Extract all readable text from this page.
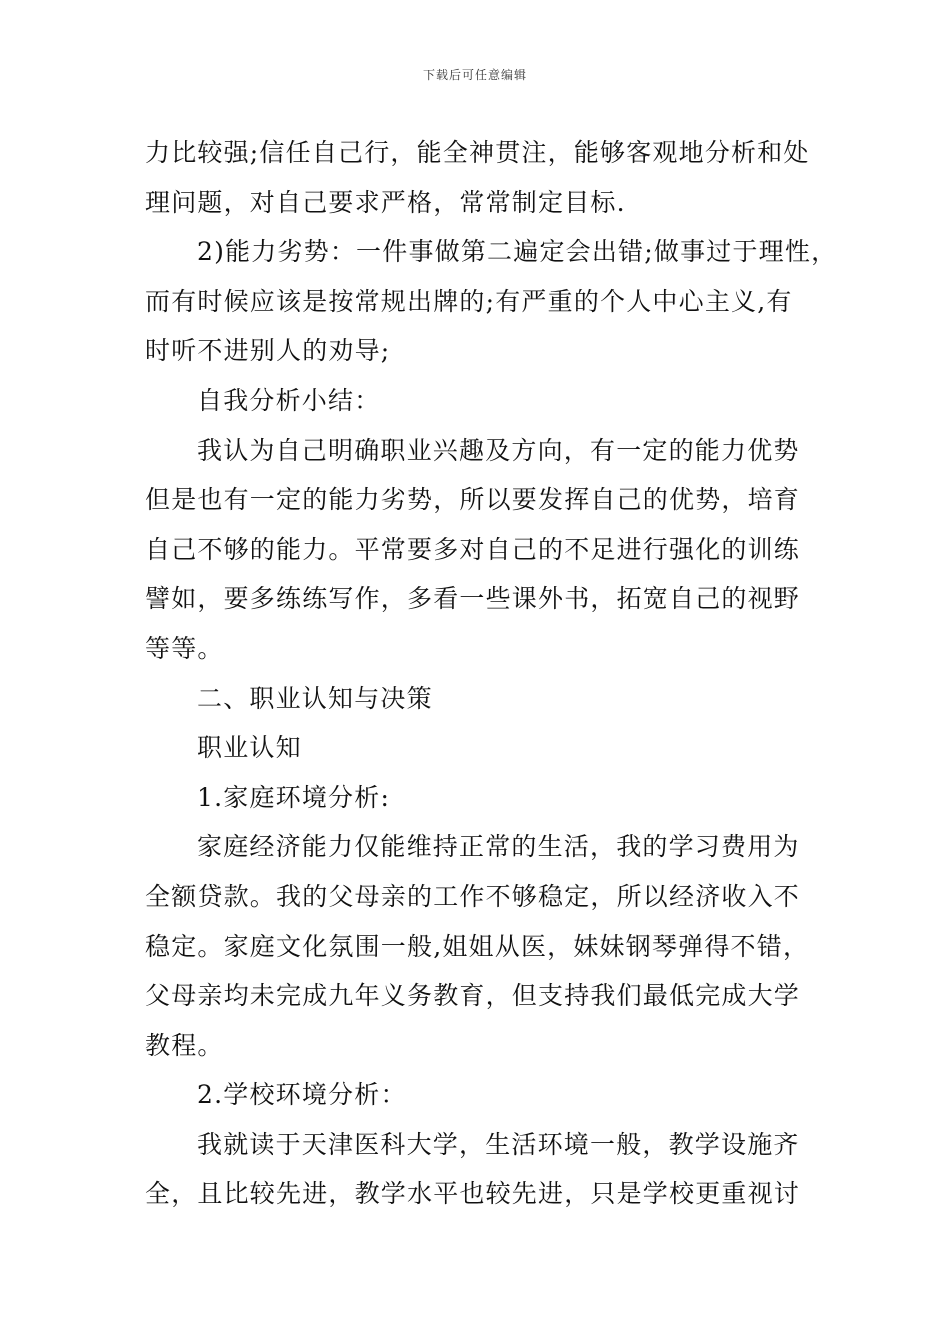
下载后可任意编辑
力比较强;信任自己行，能全神贯注，能够客观地分析和处
理问题，对自己要求严格，常常制定目标.
2)能力劣势：一件事做第二遍定会出错;做事过于理性，
而有时候应该是按常规出牌的;有严重的个人中心主义,有
时听不进别人的劝导;
自我分析小结：
我认为自己明确职业兴趣及方向，有一定的能力优势
但是也有一定的能力劣势，所以要发挥自己的优势，培育
自己不够的能力。平常要多对自己的不足进行强化的训练
譬如，要多练练写作，多看一些课外书，拓宽自己的视野
等等。
二、职业认知与决策
职业认知
1.家庭环境分析:
家庭经济能力仅能维持正常的生活，我的学习费用为
全额贷款。我的父母亲的工作不够稳定，所以经济收入不
稳定。家庭文化氛围一般,姐姐从医，妹妹钢琴弹得不错，
父母亲均未完成九年义务教育，但支持我们最低完成大学
教程。
2.学校环境分析：
我就读于天津医科大学，生活环境一般，教学设施齐
全，且比较先进，教学水平也较先进，只是学校更重视讨
